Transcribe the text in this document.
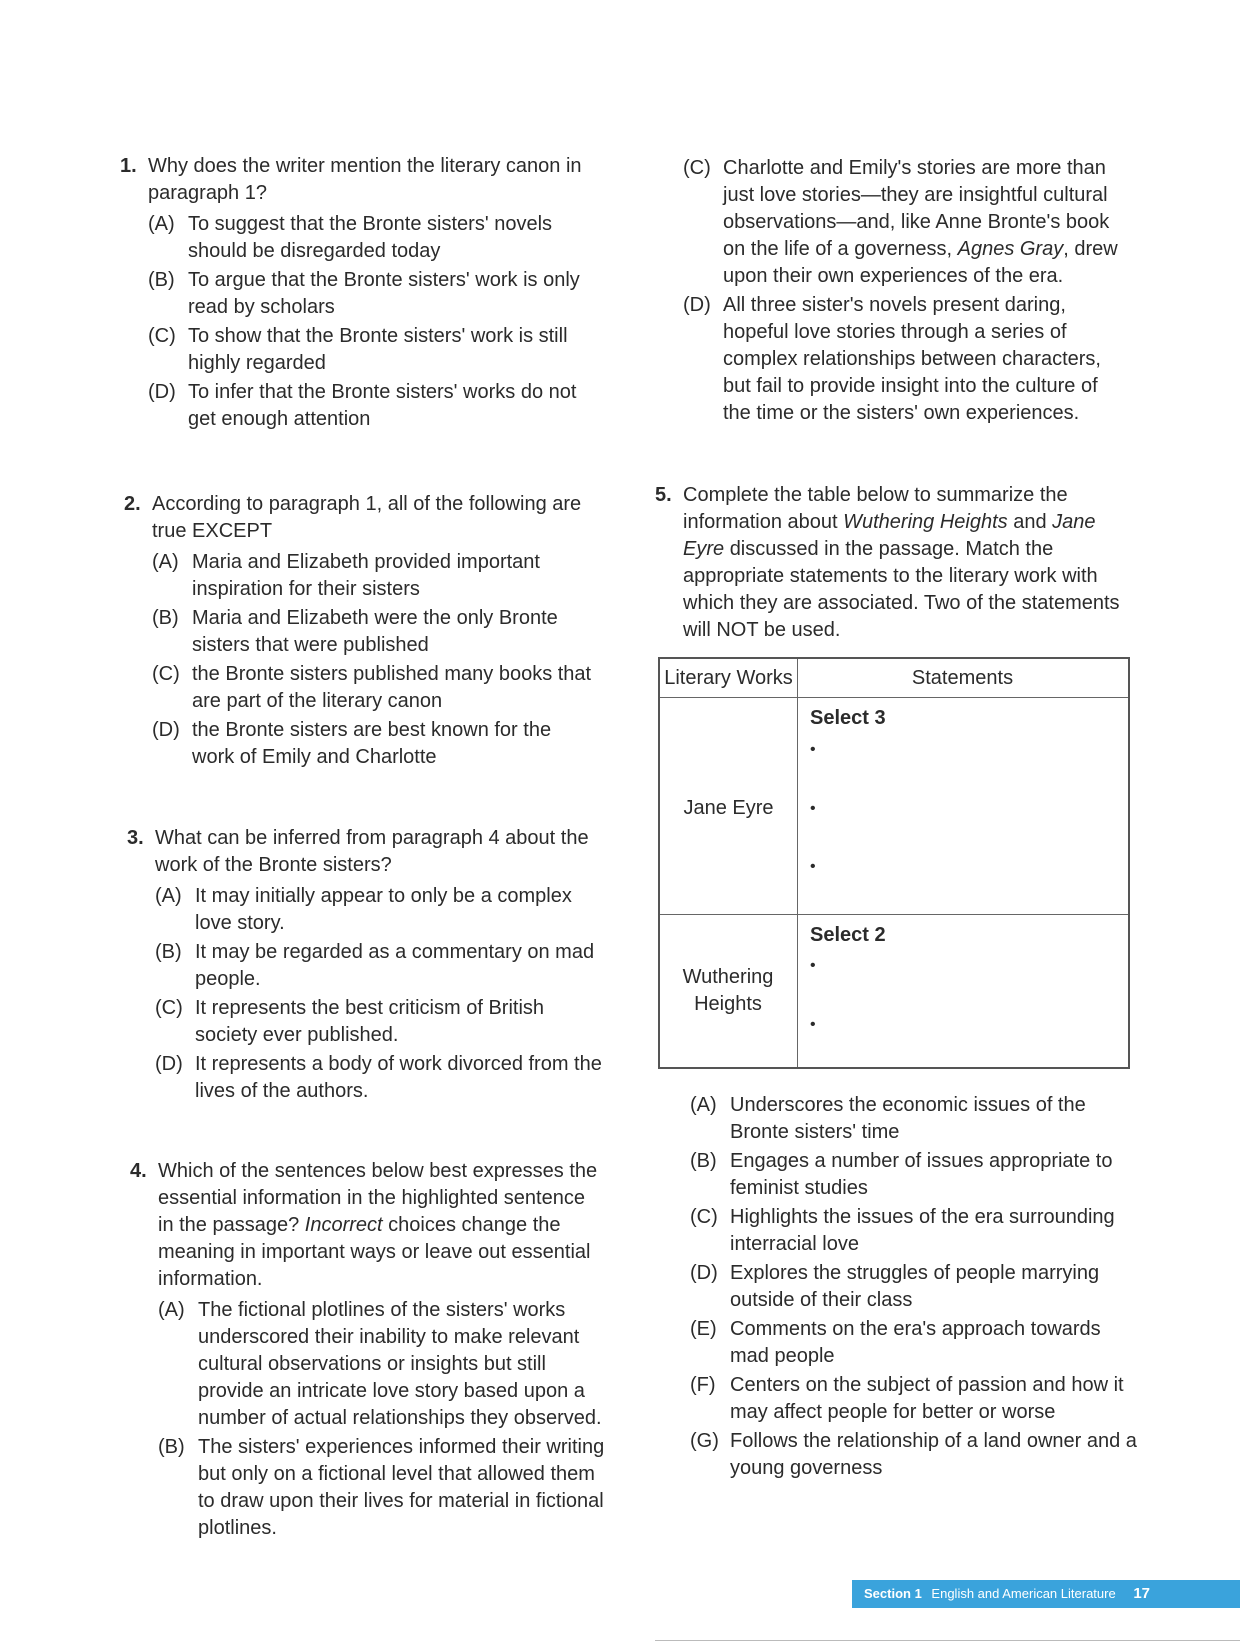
1. Why does the writer mention the literary canon in paragraph 1?
(A) To suggest that the Bronte sisters' novels should be disregarded today
(B) To argue that the Bronte sisters' work is only read by scholars
(C) To show that the Bronte sisters' work is still highly regarded
(D) To infer that the Bronte sisters' works do not get enough attention
2. According to paragraph 1, all of the following are true EXCEPT
(A) Maria and Elizabeth provided important inspiration for their sisters
(B) Maria and Elizabeth were the only Bronte sisters that were published
(C) the Bronte sisters published many books that are part of the literary canon
(D) the Bronte sisters are best known for the work of Emily and Charlotte
3. What can be inferred from paragraph 4 about the work of the Bronte sisters?
(A) It may initially appear to only be a complex love story.
(B) It may be regarded as a commentary on mad people.
(C) It represents the best criticism of British society ever published.
(D) It represents a body of work divorced from the lives of the authors.
4. Which of the sentences below best expresses the essential information in the highlighted sentence in the passage? Incorrect choices change the meaning in important ways or leave out essential information.
(A) The fictional plotlines of the sisters' works underscored their inability to make relevant cultural observations or insights but still provide an intricate love story based upon a number of actual relationships they observed.
(B) The sisters' experiences informed their writing but only on a fictional level that allowed them to draw upon their lives for material in fictional plotlines.
(C) Charlotte and Emily's stories are more than just love stories—they are insightful cultural observations—and, like Anne Bronte's book on the life of a governess, Agnes Gray, drew upon their own experiences of the era.
(D) All three sister's novels present daring, hopeful love stories through a series of complex relationships between characters, but fail to provide insight into the culture of the time or the sisters' own experiences.
5. Complete the table below to summarize the information about Wuthering Heights and Jane Eyre discussed in the passage. Match the appropriate statements to the literary work with which they are associated. Two of the statements will NOT be used.
Literary Works	Statements
Jane Eyre
Select 3
•
•
•
Wuthering Heights
Select 2
•
•
(A) Underscores the economic issues of the Bronte sisters' time
(B) Engages a number of issues appropriate to feminist studies
(C) Highlights the issues of the era surrounding interracial love
(D) Explores the struggles of people marrying outside of their class
(E) Comments on the era's approach towards mad people
(F) Centers on the subject of passion and how it may affect people for better or worse
(G) Follows the relationship of a land owner and a young governess
Section 1 English and American Literature 17
